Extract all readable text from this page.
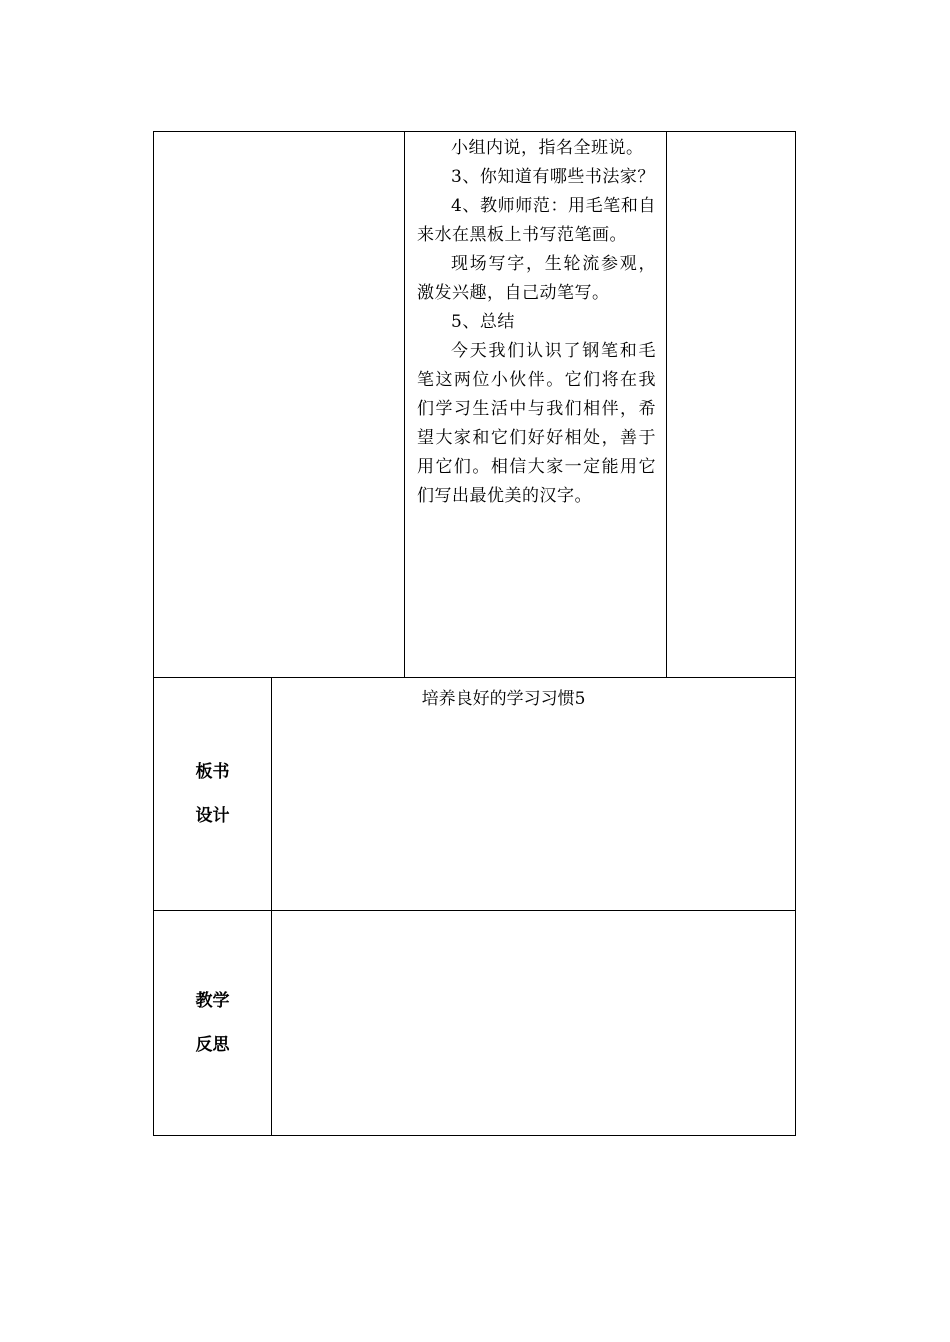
小组内说，指名全班说。

3、你知道有哪些书法家？

4、教师师范：用毛笔和自来水在黑板上书写范笔画。

现场写字，生轮流参观，激发兴趣，自己动笔写。

5、总结

今天我们认识了钢笔和毛笔这两位小伙伴。它们将在我们学习生活中与我们相伴，希望大家和它们好好相处，善于用它们。相信大家一定能用它们写出最优美的汉字。

板书
设计
培养良好的学习习惯5
教学
反思
